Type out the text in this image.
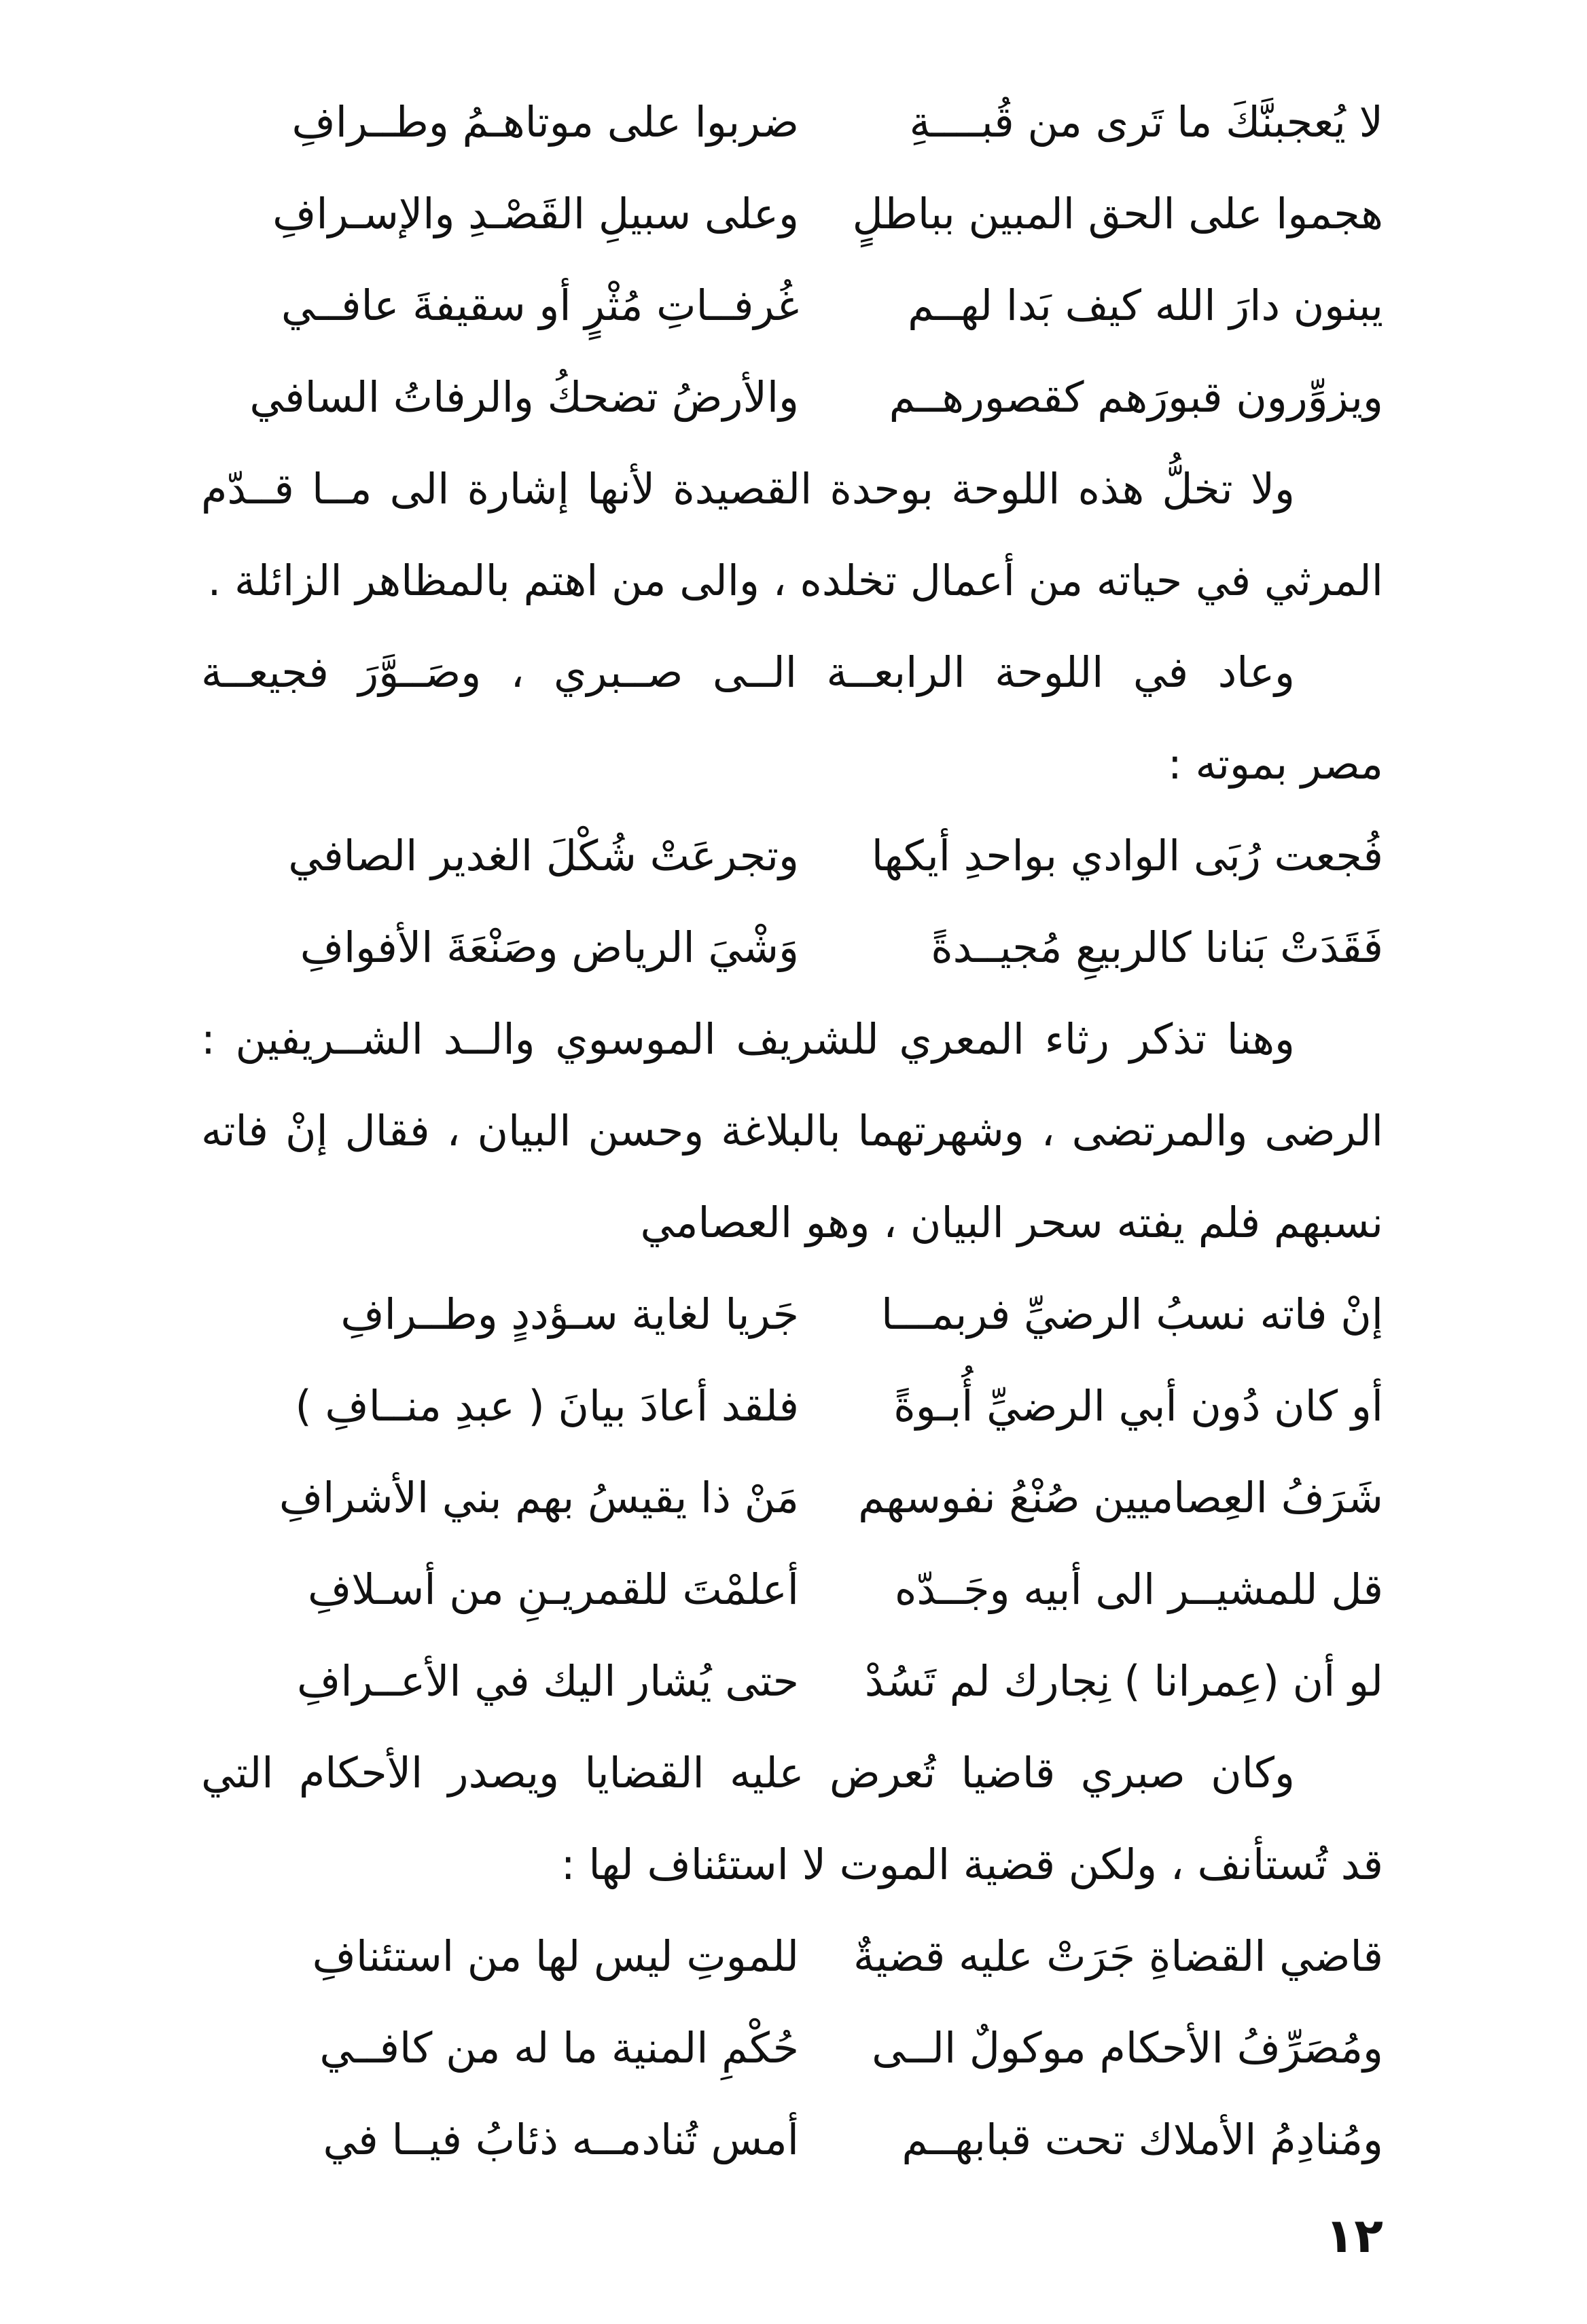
لا يُعجبنَّكَ ما تَرى من قُبــــةِ
ضربوا على موتاهـمُ وطــرافِ
هجموا على الحق المبين بباطلٍ
وعلى سبيلِ القَصْـدِ والإسـرافِ
يبنون دارَ الله كيف بَدا لهــم
غُرفــاتِ مُثْرٍ أو سقيفةَ عافــي
ويزوِّرون قبورَهم كقصورهــم
والأرضُ تضحكُ والرفاتُ السافي
ولا تخلُّ هذه اللوحة بوحدة القصيدة لأنها إشارة الى مــا قــدّم
المرثي في حياته من أعمال تخلده ، والى من اهتم بالمظاهر الزائلة .
وعاد في اللوحة الرابعــة الــى صــبري ، وصَــوَّرَ فجيعــة
مصر بموته :
فُجعت رُبَى الوادي بواحدِ أيكها
وتجرعَتْ شُكْلَ الغدير الصافي
فَقَدَتْ بَنانا كالربيعِ مُجيــدةً
وَشْيَ الرياض وصَنْعَةَ الأفوافِ
وهنا تذكر رثاء المعري للشريف الموسوي والــد الشــريفين :
الرضى والمرتضى ، وشهرتهما بالبلاغة وحسن البيان ، فقال إنْ فاته
نسبهم فلم يفته سحر البيان ، وهو العصامي
إنْ فاته نسبُ الرضيِّ فربمـــا
جَريا لغاية سـؤددٍ وطــرافِ
أو كان دُون أبي الرضيِّ أُبـوةً
فلقد أعادَ بيانَ ( عبدِ منــافِ )
شَرَفُ العِصاميين صُنْعُ نفوسهم
مَنْ ذا يقيسُ بهم بني الأشرافِ
قل للمشيــر الى أبيه وجَــدّه
أعلمْتَ للقمريـنِ من أسـلافِ
لو أن (عِمرانا ) نِجارك لم تَسُدْ
حتى يُشار اليك في الأعــرافِ
وكان صبري قاضيا تُعرض عليه القضايا ويصدر الأحكام التي
قد تُستأنف ، ولكن قضية الموت لا استئناف لها :
قاضي القضاةِ جَرَتْ عليه قضيةٌ
للموتِ ليس لها من استئنافِ
ومُصَرِّفُ الأحكام موكولٌ الــى
حُكْمِ المنية ما له من كافــي
ومُنادِمُ الأملاك تحت قبابهــم
أمس تُنادمــه ذئابُ فيــا في
١٢
